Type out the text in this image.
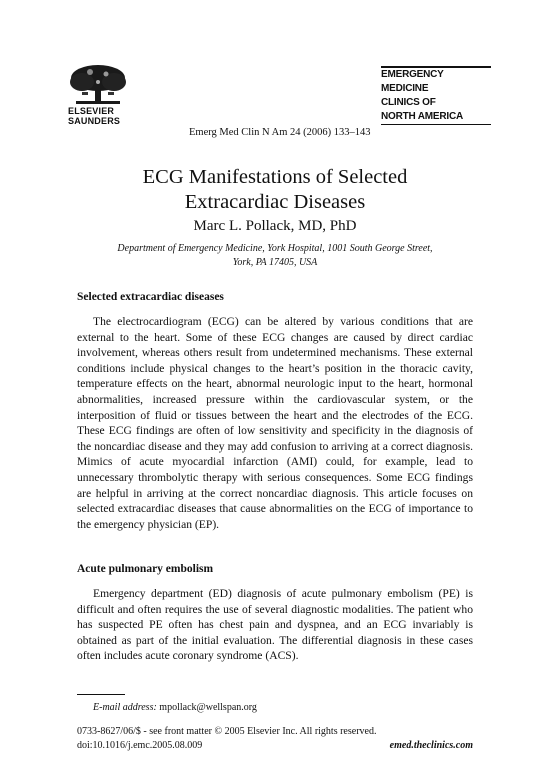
ELSEVIER
SAUNDERS
Emerg Med Clin N Am 24 (2006) 133–143
EMERGENCY
MEDICINE
CLINICS OF
NORTH AMERICA
ECG Manifestations of Selected
Extracardiac Diseases
Marc L. Pollack, MD, PhD
Department of Emergency Medicine, York Hospital, 1001 South George Street,
York, PA 17405, USA
Selected extracardiac diseases

The electrocardiogram (ECG) can be altered by various conditions that are external to the heart. Some of these ECG changes are caused by direct cardiac involvement, whereas others result from undetermined mechanisms. These external conditions include physical changes to the heart’s position in the thoracic cavity, temperature effects on the heart, abnormal neurologic input to the heart, hormonal abnormalities, increased pressure within the cardiovascular system, or the interposition of fluid or tissues between the heart and the electrodes of the ECG. These ECG findings are often of low sensitivity and specificity in the diagnosis of the noncardiac disease and they may add confusion to arriving at a correct diagnosis. Mimics of acute myocardial infarction (AMI) could, for example, lead to unnecessary thrombolytic therapy with serious consequences. Some ECG findings are helpful in arriving at the correct noncardiac diagnosis. This article focuses on selected extracardiac diseases that cause abnormalities on the ECG of importance to the emergency physician (EP).

Acute pulmonary embolism

Emergency department (ED) diagnosis of acute pulmonary embolism (PE) is difficult and often requires the use of several diagnostic modalities. The patient who has suspected PE often has chest pain and dyspnea, and an ECG invariably is obtained as part of the initial evaluation. The differential diagnosis in these cases often includes acute coronary syndrome (ACS).

E-mail address: mpollack@wellspan.org
0733-8627/06/$ - see front matter © 2005 Elsevier Inc. All rights reserved.
doi:10.1016/j.emc.2005.08.009	emed.theclinics.com
